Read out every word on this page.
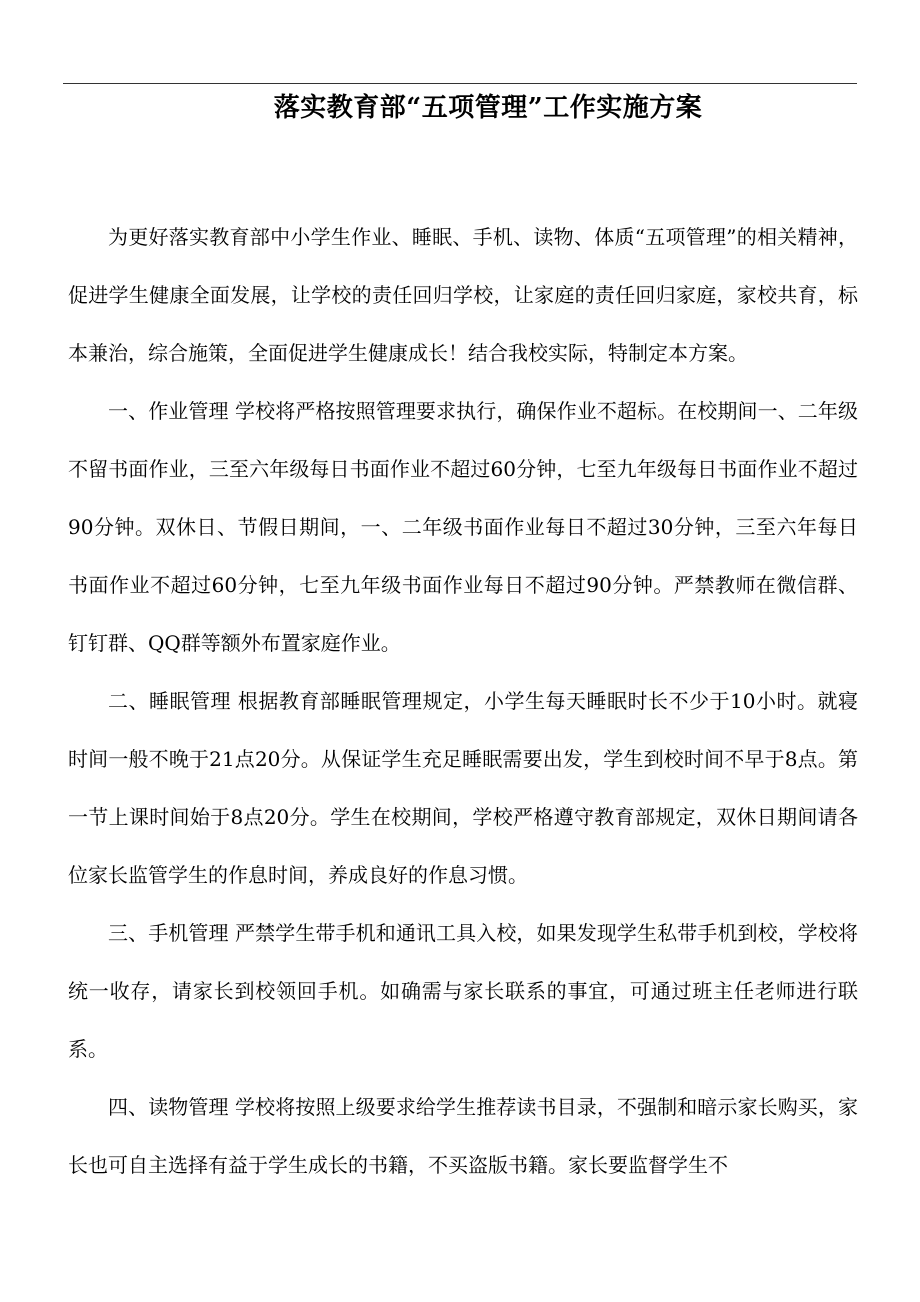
落实教育部“五项管理”工作实施方案

为更好落实教育部中小学生作业、睡眠、手机、读物、体质“五项管理”的相关精神，促进学生健康全面发展，让学校的责任回归学校，让家庭的责任回归家庭，家校共育，标本兼治，综合施策，全面促进学生健康成长！结合我校实际，特制定本方案。

一、作业管理 学校将严格按照管理要求执行，确保作业不超标。在校期间一、二年级不留书面作业，三至六年级每日书面作业不超过60分钟，七至九年级每日书面作业不超过90分钟。双休日、节假日期间，一、二年级书面作业每日不超过30分钟，三至六年每日书面作业不超过60分钟，七至九年级书面作业每日不超过90分钟。严禁教师在微信群、钉钉群、QQ群等额外布置家庭作业。

二、睡眠管理 根据教育部睡眠管理规定，小学生每天睡眠时长不少于10小时。就寝时间一般不晚于21点20分。从保证学生充足睡眠需要出发，学生到校时间不早于8点。第一节上课时间始于8点20分。学生在校期间，学校严格遵守教育部规定，双休日期间请各位家长监管学生的作息时间，养成良好的作息习惯。

三、手机管理 严禁学生带手机和通讯工具入校，如果发现学生私带手机到校，学校将统一收存，请家长到校领回手机。如确需与家长联系的事宜，可通过班主任老师进行联系。

四、读物管理 学校将按照上级要求给学生推荐读书目录，不强制和暗示家长购买，家长也可自主选择有益于学生成长的书籍，不买盗版书籍。家长要监督学生不
